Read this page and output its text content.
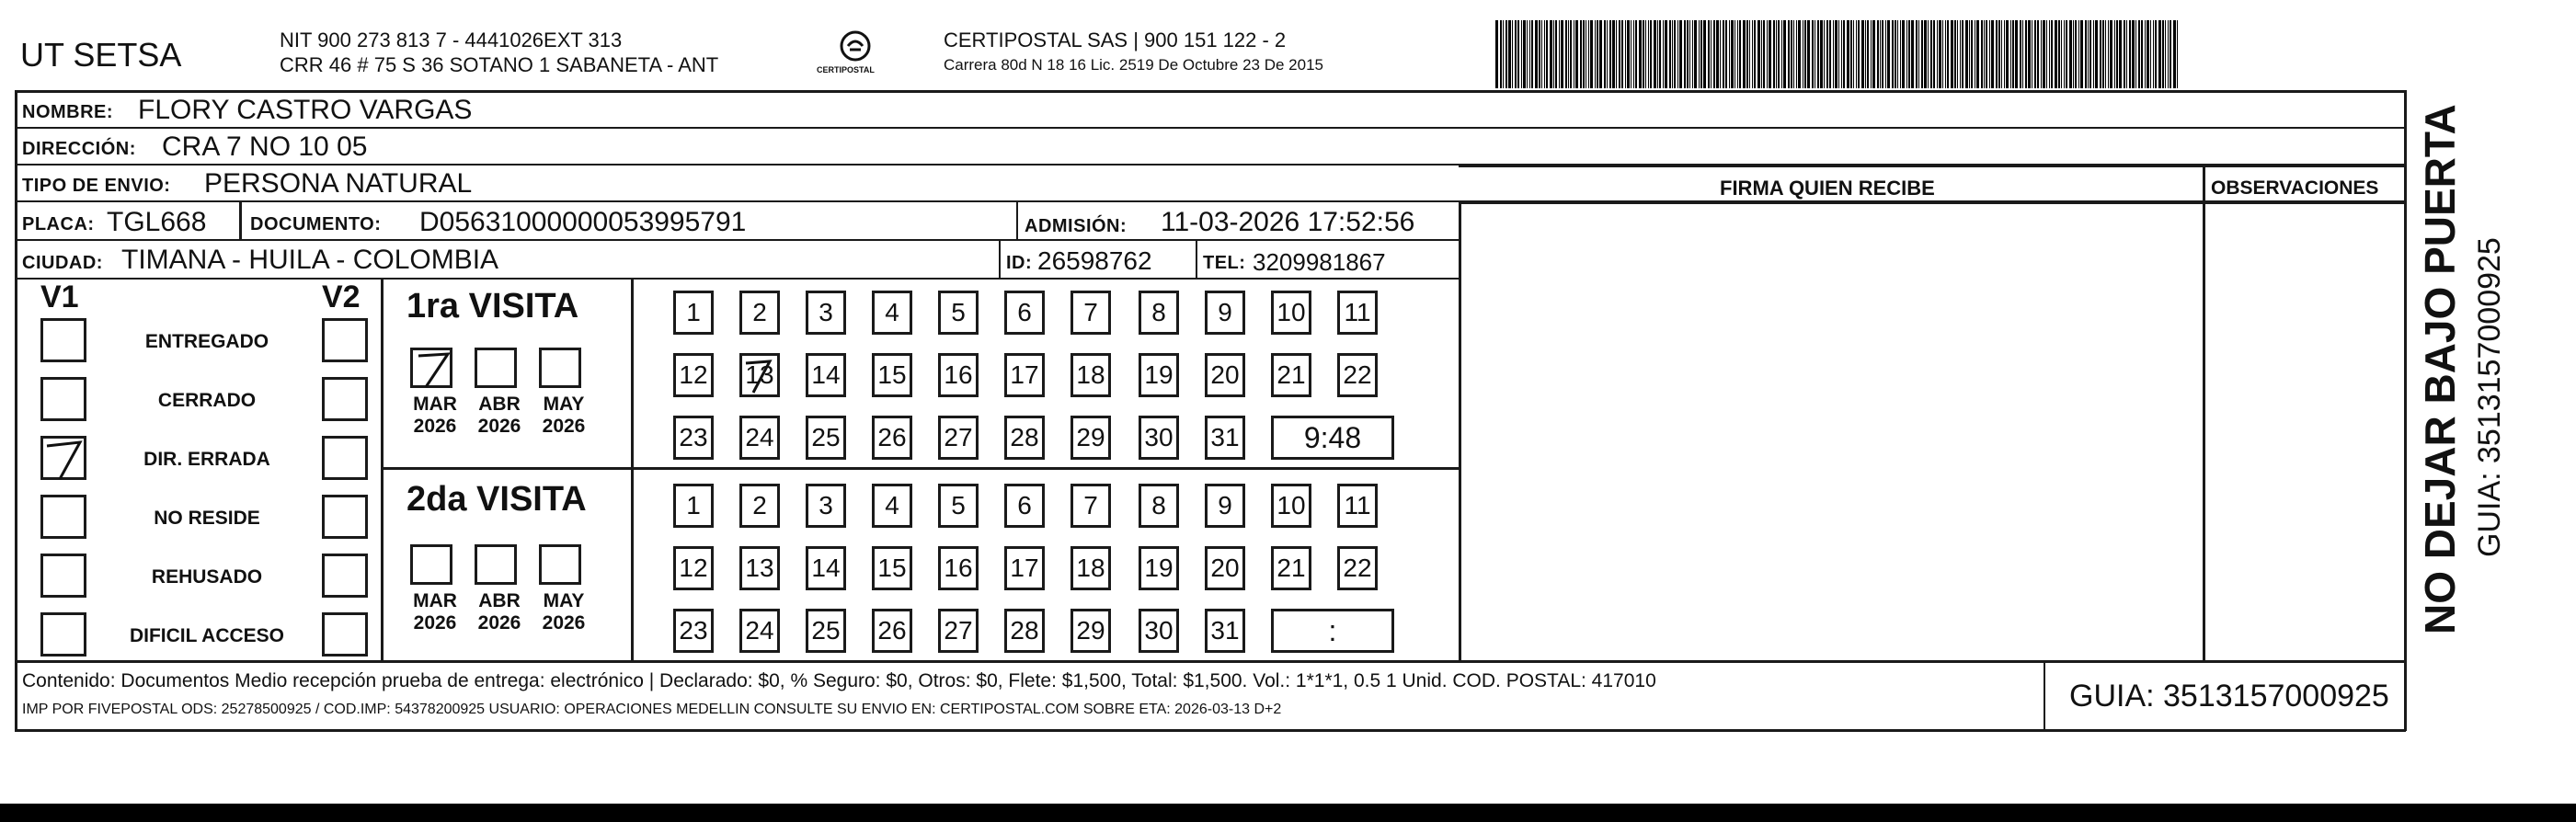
UT SETSA	NIT 900 273 813 7 - 4441026EXT 313
CRR 46 # 75 S 36 SOTANO 1 SABANETA - ANT	CERTIPOSTAL
CERTIPOSTAL SAS | 900 151 122 - 2
Carrera 80d N 18 16 Lic. 2519 De Octubre 23 De 2015
NOMBRE: FLORY CASTRO VARGAS
DIRECCIÓN: CRA 7 NO 10 05
TIPO DE ENVIO: PERSONA NATURAL
PLACA: TGL668 DOCUMENTO: D05631000000053995791	ADMISIÓN: 11-03-2026 17:52:56
CIUDAD: TIMANA - HUILA - COLOMBIA	ID: 26598762	TEL: 3209981867
FIRMA QUIEN RECIBE	OBSERVACIONES
V1	V2
ENTREGADO
CERRADO
DIR. ERRADA
NO RESIDE
REHUSADO
DIFICIL ACCESO
1ra VISITA
2da VISITA
MAR
2026
ABR
2026
MAY
2026
MAR
2026
ABR
2026
MAY
2026
1	2	3	4	5	6	7	8	9	10 11
12 13 14 15 16 17 18 19 20 21 22
23 24 25 26 27 28 29 30 31	9:48
1	2	3	4	5	6	7	8	9	10 11
12 13 14 15 16 17 18 19 20 21 22
23 24 25 26 27 28 29 30 31	:
Contenido: Documentos Medio recepción prueba de entrega: electrónico | Declarado: $0, % Seguro: $0, Otros: $0, Flete: $1,500, Total: $1,500. Vol.: 1*1*1, 0.5 1 Unid. COD. POSTAL: 417010
IMP POR FIVEPOSTAL ODS: 25278500925 / COD.IMP: 54378200925 USUARIO: OPERACIONES MEDELLIN CONSULTE SU ENVIO EN: CERTIPOSTAL.COM SOBRE ETA: 2026-03-13 D+2	GUIA: 3513157000925
NO DEJAR BAJO PUERTA GUIA: 3513157000925
